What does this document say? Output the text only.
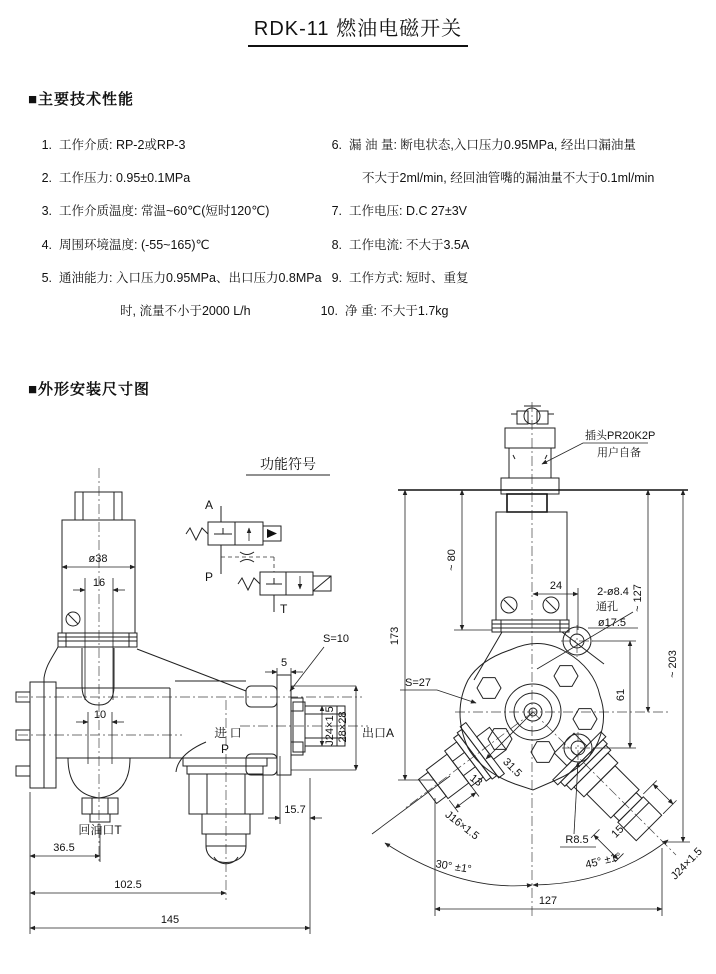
RDK-11 燃油电磁开关
■主要技术性能
1. 工作介质: RP-2或RP-3
2. 工作压力: 0.95±0.1MPa
3. 工作介质温度: 常温~60℃(短时120℃)
4. 周围环境温度: (-55~165)℃
5. 通油能力: 入口压力0.95MPa、出口压力0.8MPa
时, 流量不小于2000 L/h
6. 漏 油 量: 断电状态,入口压力0.95MPa, 经出口漏油量
不大于2ml/min, 经回油管嘴的漏油量不大于0.1ml/min
7. 工作电压: D.C 27±3V
8. 工作电流: 不大于3.5A
9. 工作方式: 短时、重复
10. 净 重: 不大于1.7kg
■外形安装尺寸图
ø38
16
回油口T
10
进 口
P
5
S=10
J24×1.5 28×28 出口A
15.7
36.5
102.5
145
功能符号
A
P
T
插头PR20K2P
用户自备
173
~ 80
~ 127
~ 203
24	2-ø8.4
通孔
ø17.5
61
S=27
13
J16×1.5
31.5
15
J24×1.5
R8.5
30° ±1°	45° ±1°
127
